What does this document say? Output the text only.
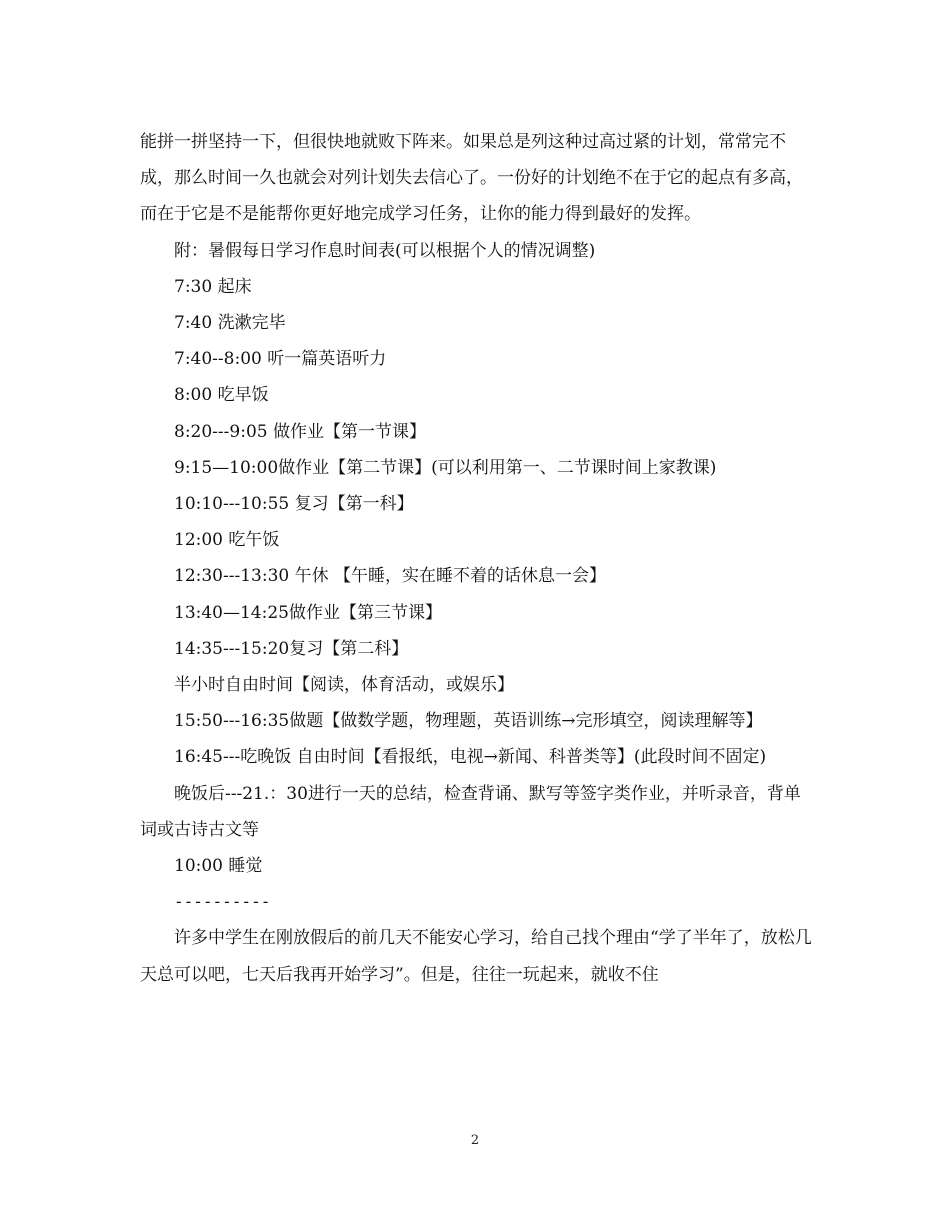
能拼一拼坚持一下，但很快地就败下阵来。如果总是列这种过高过紧的计划，常常完不成，那么时间一久也就会对列计划失去信心了。一份好的计划绝不在于它的起点有多高，而在于它是不是能帮你更好地完成学习任务，让你的能力得到最好的发挥。

附：暑假每日学习作息时间表(可以根据个人的情况调整)

7:30 起床

7:40 洗漱完毕

7:40--8:00 听一篇英语听力

8:00 吃早饭

8:20---9:05 做作业【第一节课】

9:15—10:00做作业【第二节课】(可以利用第一、二节课时间上家教课)

10:10---10:55 复习【第一科】

12:00 吃午饭

12:30---13:30 午休 【午睡，实在睡不着的话休息一会】

13:40—14:25做作业【第三节课】

14:35---15:20复习【第二科】

半小时自由时间【阅读，体育活动，或娱乐】

15:50---16:35做题【做数学题，物理题，英语训练→完形填空，阅读理解等】

16:45---吃晚饭 自由时间【看报纸，电视→新闻、科普类等】(此段时间不固定)

晚饭后---21.：30进行一天的总结，检查背诵、默写等签字类作业，并听录音，背单词或古诗古文等

10:00 睡觉

----------

许多中学生在刚放假后的前几天不能安心学习，给自己找个理由“学了半年了，放松几天总可以吧，七天后我再开始学习”。但是，往往一玩起来，就收不住

2
